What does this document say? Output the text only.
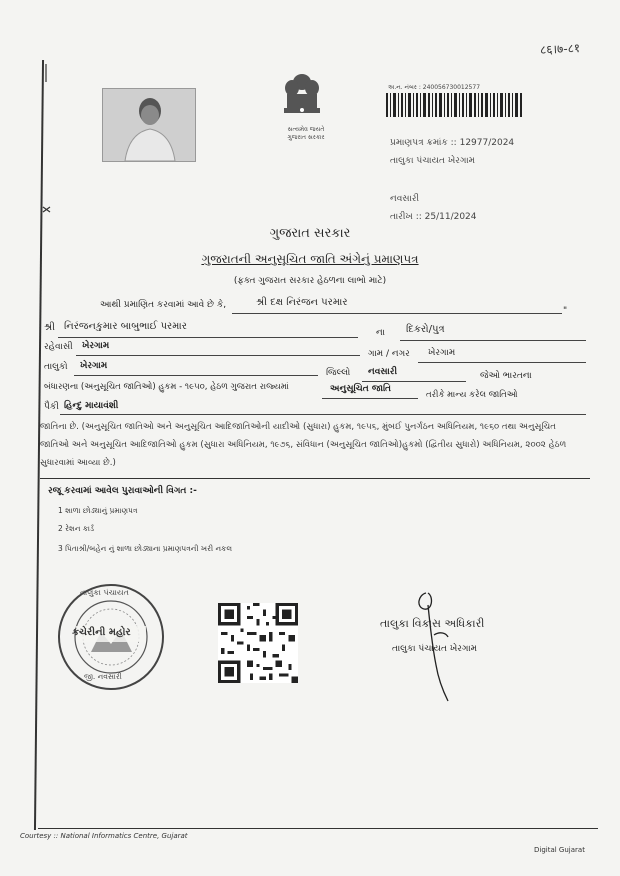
८६।७-८१
સત્યમેવ જયતે
ગુજરાત સરકાર
અ.ન. નંબર : 240056730012577
પ્રમાણપત્ર ક્રમાંક :: 12977/2024
તાલુકા પંચાયત ખેરગામ
નવસારી
તારીખ :: 25/11/2024
ગુજરાત સરકાર
ગુજરાતની અનુસૂચિત જાતિ અંગેનું પ્રમાણપત્ર
(ફક્ત ગુજરાત સરકાર હેઠળના લાભો માટે)
આથી પ્રમાણિત કરવામાં આવે છે કે,	શ્રી દક્ષ નિરંજન પરમાર
"
શ્રી નિરંજનકુમાર બાબુભાઈ પરમાર
ના દિકરો/પુત્ર
રહેવાસી ખેરગામ
ગામ / નગર ખેરગામ
તાલુકો ખેરગામ
જિલ્લો નવસારી	જેઓ ભારતના
બંધારણના (અનુસૂચિત જાતિઓ) હુકમ - ૧૯૫૦, હેઠળ ગુજરાત રાજ્યમાં	અનુસૂચિત જાતિ
તરીકે માન્ય કરેલ જાતિઓ
પૈકી હિન્દુ માયાવંશી
જાતિના છે. (અનુસૂચિત જાતિઓ અને અનુસૂચિત આદિજાતિઓની યાદીઓ (સુધારા) હુકમ, ૧૯૫૬, મુંબઈ પુનર્ગઠન અધિનિયમ, ૧૯૬૦ તથા અનુસૂચિત જાતિઓ અને અનુસૂચિત આદિજાતિઓ હુકમ (સુધારા અધિનિયમ, ૧૯૭૬, સંવિધાન (અનુસૂચિત જાતિઓ)હુકમો (દ્વિતીય સુધારો) અધિનિયમ, ૨૦૦૨ હેઠળ સુધારવામાં આવ્યા છે.)
રજૂ કરવામાં આવેલ પુરાવાઓની વિગત :-
1 શાળા છોડ્યાનું પ્રમાણપત્ર
2 રેશન કાર્ડ
3 પિતાશ્રી/બહેન નું શાળા છોડ્યાના પ્રમાણપત્રની ખરી નકલ
તાલુકા પંચાયત
કચેરીની મહોર
જી. નવસારી
તાલુકા વિકાસ અધિકારી
તાલુકા પંચાયત ખેરગામ
Courtesy :: National Informatics Centre, Gujarat
Digital Gujarat
